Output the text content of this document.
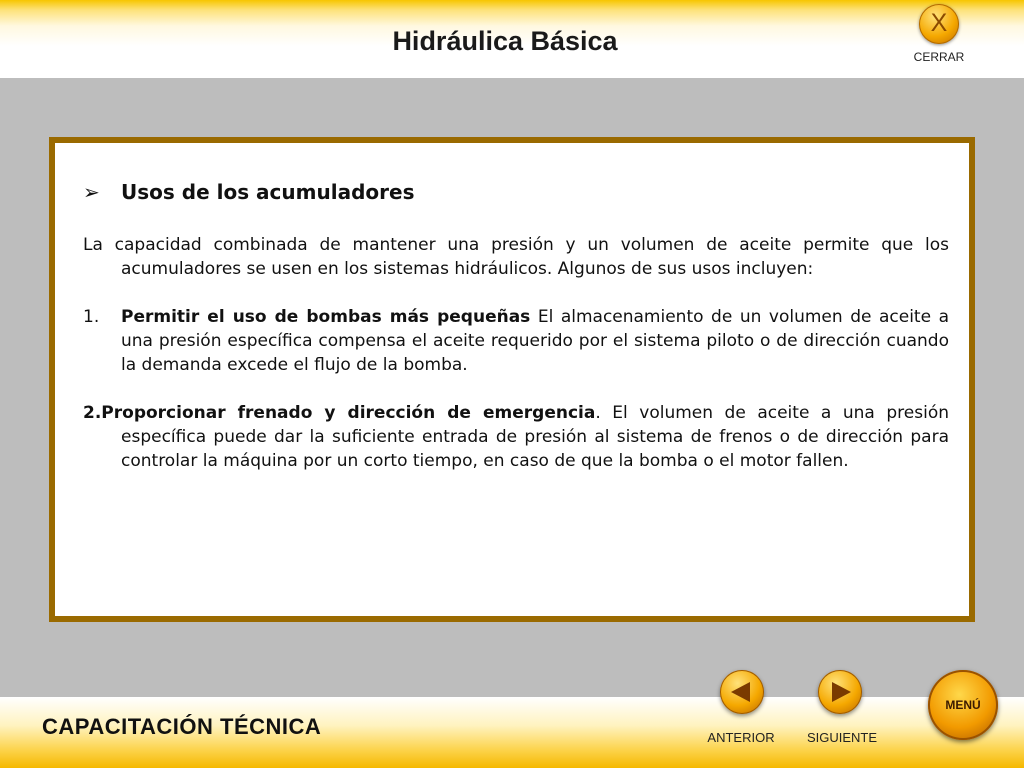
Hidráulica Básica
X
CERRAR
➢ Usos de los acumuladores

La capacidad combinada de mantener una presión y un volumen de aceite permite que los acumuladores se usen en los sistemas hidráulicos. Algunos de sus usos incluyen:

1. Permitir el uso de bombas más pequeñas El almacenamiento de un volumen de aceite a una presión específica compensa el aceite requerido por el sistema piloto o de dirección cuando la demanda excede el flujo de la bomba.

2.Proporcionar frenado y dirección de emergencia. El volumen de aceite a una presión específica puede dar la suficiente entrada de presión al sistema de frenos o de dirección para controlar la máquina por un corto tiempo, en caso de que la bomba o el motor fallen.

CAPACITACIÓN TÉCNICA	ANTERIOR	SIGUIENTE
MENÚ
